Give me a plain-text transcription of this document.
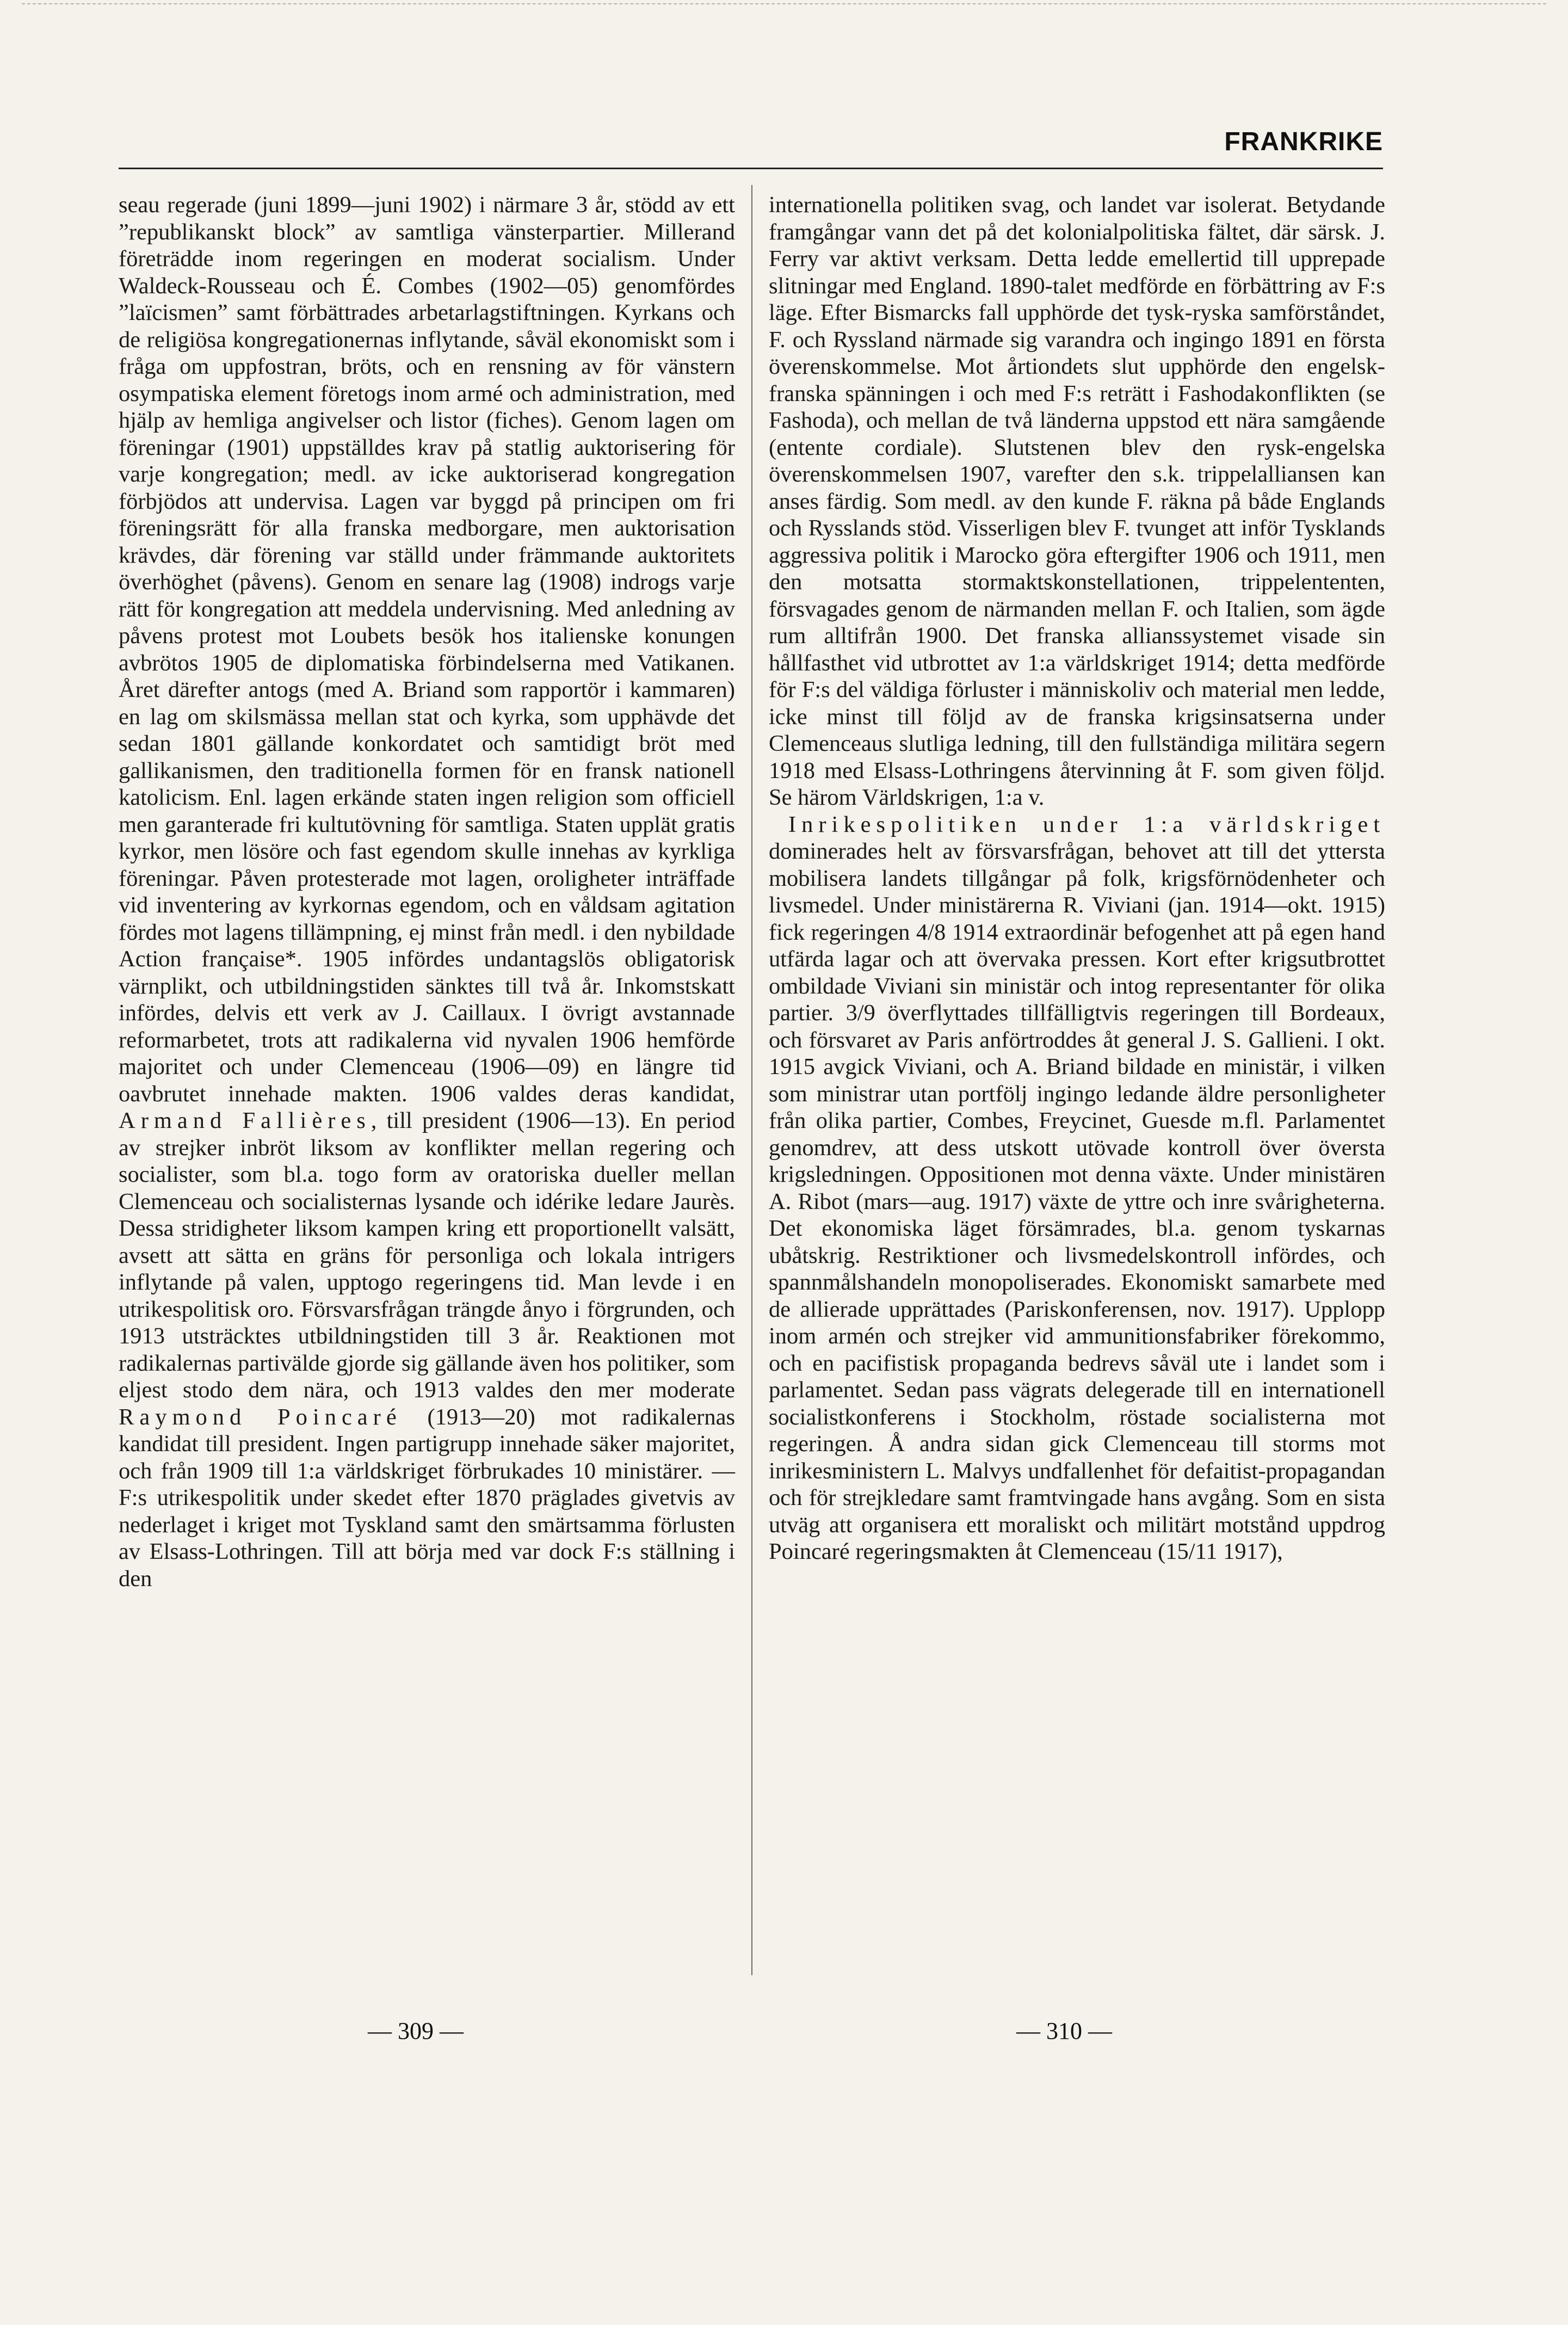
FRANKRIKE

seau regerade (juni 1899—juni 1902) i närmare 3 år, stödd av ett ”republikanskt block” av samtliga vänsterpartier. Millerand företrädde inom regeringen en moderat socialism. Under Waldeck-Rousseau och É. Combes (1902—05) genomfördes ”laïcismen” samt förbättrades arbetarlagstiftningen. Kyrkans och de religiösa kongregationernas inflytande, såväl ekonomiskt som i fråga om uppfostran, bröts, och en rensning av för vänstern osympatiska element företogs inom armé och administration, med hjälp av hemliga angivelser och listor (fiches). Genom lagen om föreningar (1901) uppställdes krav på statlig auktorisering för varje kongregation; medl. av icke auktoriserad kongregation förbjödos att undervisa. Lagen var byggd på principen om fri föreningsrätt för alla franska medborgare, men auktorisation krävdes, där förening var ställd under främmande auktoritets överhöghet (påvens). Genom en senare lag (1908) indrogs varje rätt för kongregation att meddela undervisning. Med anledning av påvens protest mot Loubets besök hos italienske konungen avbrötos 1905 de diplomatiska förbindelserna med Vatikanen. Året därefter antogs (med A. Briand som rapportör i kammaren) en lag om skilsmässa mellan stat och kyrka, som upphävde det sedan 1801 gällande konkordatet och samtidigt bröt med gallikanismen, den traditionella formen för en fransk nationell katolicism. Enl. lagen erkände staten ingen religion som officiell men garanterade fri kultutövning för samtliga. Staten upplät gratis kyrkor, men lösöre och fast egendom skulle innehas av kyrkliga föreningar. Påven protesterade mot lagen, oroligheter inträffade vid inventering av kyrkornas egendom, och en våldsam agitation fördes mot lagens tillämpning, ej minst från medl. i den nybildade Action française*. 1905 infördes undantagslös obligatorisk värnplikt, och utbildningstiden sänktes till två år. Inkomstskatt infördes, delvis ett verk av J. Caillaux. I övrigt avstannade reformarbetet, trots att radikalerna vid nyvalen 1906 hemförde majoritet och under Clemenceau (1906—09) en längre tid oavbrutet innehade makten. 1906 valdes deras kandidat, Armand Fallières, till president (1906—13). En period av strejker inbröt liksom av konflikter mellan regering och socialister, som bl.a. togo form av oratoriska dueller mellan Clemenceau och socialisternas lysande och idérike ledare Jaurès. Dessa stridigheter liksom kampen kring ett proportionellt valsätt, avsett att sätta en gräns för personliga och lokala intrigers inflytande på valen, upptogo regeringens tid. Man levde i en utrikespolitisk oro. Försvarsfrågan trängde ånyo i förgrunden, och 1913 utsträcktes utbildningstiden till 3 år. Reaktionen mot radikalernas partivälde gjorde sig gällande även hos politiker, som eljest stodo dem nära, och 1913 valdes den mer moderate Raymond Poincaré (1913—20) mot radikalernas kandidat till president. Ingen partigrupp innehade säker majoritet, och från 1909 till 1:a världskriget förbrukades 10 ministärer. — F:s utrikespolitik under skedet efter 1870 präglades givetvis av nederlaget i kriget mot Tyskland samt den smärtsamma förlusten av Elsass-Lothringen. Till att börja med var dock F:s ställning i den

internationella politiken svag, och landet var isolerat. Betydande framgångar vann det på det kolonialpolitiska fältet, där särsk. J. Ferry var aktivt verksam. Detta ledde emellertid till upprepade slitningar med England. 1890-talet medförde en förbättring av F:s läge. Efter Bismarcks fall upphörde det tysk-ryska samförståndet, F. och Ryssland närmade sig varandra och ingingo 1891 en första överenskommelse. Mot årtiondets slut upphörde den engelsk-franska spänningen i och med F:s reträtt i Fashodakonflikten (se Fashoda), och mellan de två länderna uppstod ett nära samgående (entente cordiale). Slutstenen blev den rysk-engelska överenskommelsen 1907, varefter den s.k. trippelalliansen kan anses färdig. Som medl. av den kunde F. räkna på både Englands och Rysslands stöd. Visserligen blev F. tvunget att inför Tysklands aggressiva politik i Marocko göra eftergifter 1906 och 1911, men den motsatta stormaktskonstellationen, trippelententen, försvagades genom de närmanden mellan F. och Italien, som ägde rum alltifrån 1900. Det franska allianssystemet visade sin hållfasthet vid utbrottet av 1:a världskriget 1914; detta medförde för F:s del väldiga förluster i människoliv och material men ledde, icke minst till följd av de franska krigsinsatserna under Clemenceaus slutliga ledning, till den fullständiga militära segern 1918 med Elsass-Lothringens återvinning åt F. som given följd. Se härom Världskrigen, 1:a v.

Inrikespolitiken under 1:a världskriget dominerades helt av försvarsfrågan, behovet att till det yttersta mobilisera landets tillgångar på folk, krigsförnödenheter och livsmedel. Under ministärerna R. Viviani (jan. 1914—okt. 1915) fick regeringen 4/8 1914 extraordinär befogenhet att på egen hand utfärda lagar och att övervaka pressen. Kort efter krigsutbrottet ombildade Viviani sin ministär och intog representanter för olika partier. 3/9 överflyttades tillfälligtvis regeringen till Bordeaux, och försvaret av Paris anförtroddes åt general J. S. Gallieni. I okt. 1915 avgick Viviani, och A. Briand bildade en ministär, i vilken som ministrar utan portfölj ingingo ledande äldre personligheter från olika partier, Combes, Freycinet, Guesde m.fl. Parlamentet genomdrev, att dess utskott utövade kontroll över översta krigsledningen. Oppositionen mot denna växte. Under ministären A. Ribot (mars—aug. 1917) växte de yttre och inre svårigheterna. Det ekonomiska läget försämrades, bl.a. genom tyskarnas ubåtskrig. Restriktioner och livsmedelskontroll infördes, och spannmålshandeln monopoliserades. Ekonomiskt samarbete med de allierade upprättades (Pariskonferensen, nov. 1917). Upplopp inom armén och strejker vid ammunitionsfabriker förekommo, och en pacifistisk propaganda bedrevs såväl ute i landet som i parlamentet. Sedan pass vägrats delegerade till en internationell socialistkonferens i Stockholm, röstade socialisterna mot regeringen. Å andra sidan gick Clemenceau till storms mot inrikesministern L. Malvys undfallenhet för defaitist-propagandan och för strejkledare samt framtvingade hans avgång. Som en sista utväg att organisera ett moraliskt och militärt motstånd uppdrog Poincaré regeringsmakten åt Clemenceau (15/11 1917),

— 309 —	— 310 —
